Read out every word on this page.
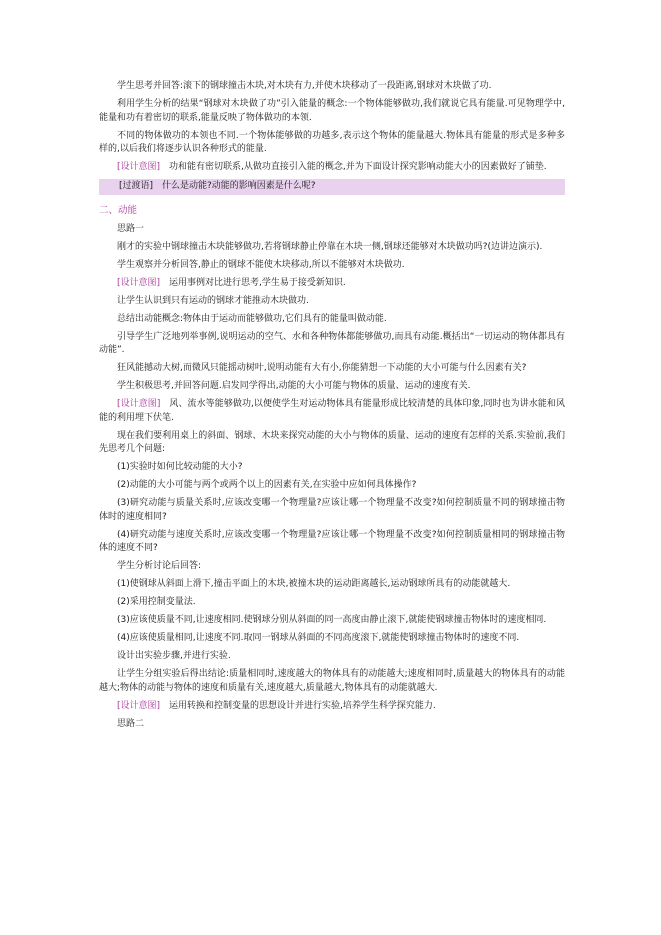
学生思考并回答:滚下的钢球撞击木块,对木块有力,并使木块移动了一段距离,钢球对木块做了功.

利用学生分析的结果“钢球对木块做了功”引入能量的概念:一个物体能够做功,我们就说它具有能量.可见物理学中,能量和功有着密切的联系,能量反映了物体做功的本领.

不同的物体做功的本领也不同.一个物体能够做的功越多,表示这个物体的能量越大.物体具有能量的形式是多种多样的,以后我们将逐步认识各种形式的能量.

[设计意图] 功和能有密切联系,从做功直接引入能的概念,并为下面设计探究影响动能大小的因素做好了铺垫.

[过渡语] 什么是动能?动能的影响因素是什么呢?

二、动能

思路一

刚才的实验中钢球撞击木块能够做功,若将钢球静止停靠在木块一侧,钢球还能够对木块做功吗?(边讲边演示).

学生观察并分析回答,静止的钢球不能使木块移动,所以不能够对木块做功.

[设计意图] 运用事例对比进行思考,学生易于接受新知识.

让学生认识到只有运动的钢球才能推动木块做功.

总结出动能概念:物体由于运动而能够做功,它们具有的能量叫做动能.

引导学生广泛地列举事例,说明运动的空气、水和各种物体都能够做功,而具有动能.概括出“一切运动的物体都具有动能”.

狂风能撼动大树,而微风只能摇动树叶,说明动能有大有小,你能猜想一下动能的大小可能与什么因素有关?

学生积极思考,并回答问题.启发同学得出,动能的大小可能与物体的质量、运动的速度有关.

[设计意图] 风、流水等能够做功,以便使学生对运动物体具有能量形成比较清楚的具体印象,同时也为讲水能和风能的利用埋下伏笔.

现在我们要利用桌上的斜面、钢球、木块来探究动能的大小与物体的质量、运动的速度有怎样的关系.实验前,我们先思考几个问题:

(1)实验时如何比较动能的大小?

(2)动能的大小可能与两个或两个以上的因素有关,在实验中应如何具体操作?

(3)研究动能与质量关系时,应该改变哪一个物理量?应该让哪一个物理量不改变?如何控制质量不同的钢球撞击物体时的速度相同?

(4)研究动能与速度关系时,应该改变哪一个物理量?应该让哪一个物理量不改变?如何控制质量相同的钢球撞击物体的速度不同?

学生分析讨论后回答:

(1)使钢球从斜面上滑下,撞击平面上的木块,被撞木块的运动距离越长,运动钢球所具有的动能就越大.

(2)采用控制变量法.

(3)应该使质量不同,让速度相同.使钢球分别从斜面的同一高度由静止滚下,就能使钢球撞击物体时的速度相同.

(4)应该使质量相同,让速度不同.取同一钢球从斜面的不同高度滚下,就能使钢球撞击物体时的速度不同.

设计出实验步骤,并进行实验.

让学生分组实验后得出结论:质量相同时,速度越大的物体具有的动能越大;速度相同时,质量越大的物体具有的动能越大;物体的动能与物体的速度和质量有关,速度越大,质量越大,物体具有的动能就越大.

[设计意图] 运用转换和控制变量的思想设计并进行实验,培养学生科学探究能力.

思路二
